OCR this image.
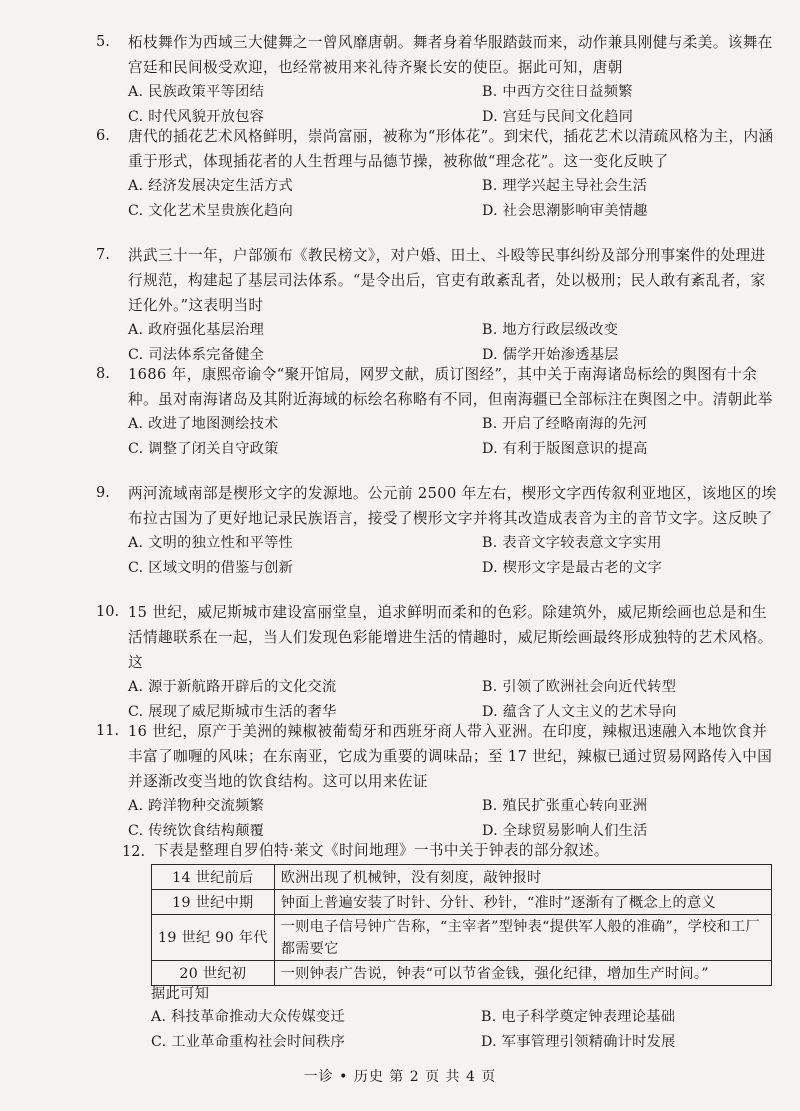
5. 柘枝舞作为西域三大健舞之一曾风靡唐朝。舞者身着华服踏鼓而来，动作兼具刚健与柔美。该舞在宫廷和民间极受欢迎，也经常被用来礼待齐聚长安的使臣。据此可知，唐朝
A. 民族政策平等团结	B. 中西方交往日益频繁
C. 时代风貌开放包容	D. 宫廷与民间文化趋同
6. 唐代的插花艺术风格鲜明，崇尚富丽，被称为“形体花”。到宋代，插花艺术以清疏风格为主，内涵重于形式，体现插花者的人生哲理与品德节操，被称做“理念花”。这一变化反映了
A. 经济发展决定生活方式	B. 理学兴起主导社会生活
C. 文化艺术呈贵族化趋向	D. 社会思潮影响审美情趣
7. 洪武三十一年，户部颁布《教民榜文》，对户婚、田土、斗殴等民事纠纷及部分刑事案件的处理进行规范，构建起了基层司法体系。“是令出后，官吏有敢紊乱者，处以极刑；民人敢有紊乱者，家迁化外。”这表明当时
A. 政府强化基层治理	B. 地方行政层级改变
C. 司法体系完备健全	D. 儒学开始渗透基层
8. 1686 年，康熙帝谕令“聚开馆局，网罗文献，质订图经”，其中关于南海诸岛标绘的舆图有十余种。虽对南海诸岛及其附近海域的标绘名称略有不同，但南海疆已全部标注在舆图之中。清朝此举
A. 改进了地图测绘技术	B. 开启了经略南海的先河
C. 调整了闭关自守政策	D. 有利于版图意识的提高
9. 两河流域南部是楔形文字的发源地。公元前 2500 年左右，楔形文字西传叙利亚地区，该地区的埃布拉古国为了更好地记录民族语言，接受了楔形文字并将其改造成表音为主的音节文字。这反映了
A. 文明的独立性和平等性	B. 表音文字较表意文字实用
C. 区域文明的借鉴与创新	D. 楔形文字是最古老的文字
10. 15 世纪，威尼斯城市建设富丽堂皇，追求鲜明而柔和的色彩。除建筑外，威尼斯绘画也总是和生活情趣联系在一起，当人们发现色彩能增进生活的情趣时，威尼斯绘画最终形成独特的艺术风格。这
A. 源于新航路开辟后的文化交流	B. 引领了欧洲社会向近代转型
C. 展现了威尼斯城市生活的奢华	D. 蕴含了人文主义的艺术导向
11. 16 世纪，原产于美洲的辣椒被葡萄牙和西班牙商人带入亚洲。在印度，辣椒迅速融入本地饮食并丰富了咖喱的风味；在东南亚，它成为重要的调味品；至 17 世纪，辣椒已通过贸易网路传入中国并逐渐改变当地的饮食结构。这可以用来佐证
A. 跨洋物种交流频繁	B. 殖民扩张重心转向亚洲
C. 传统饮食结构颠覆	D. 全球贸易影响人们生活
12. 下表是整理自罗伯特·莱文《时间地理》一书中关于钟表的部分叙述。
14 世纪前后	欧洲出现了机械钟，没有刻度，敲钟报时
19 世纪中期	钟面上普遍安装了时针、分针、秒针，“准时”逐渐有了概念上的意义
19 世纪 90 年代	一则电子信号钟广告称，“主宰者”型钟表“提供军人般的准确”，学校和工厂都需要它
20 世纪初	一则钟表广告说，钟表“可以节省金钱，强化纪律，增加生产时间。”
据此可知
A. 科技革命推动大众传媒变迁	B. 电子科学奠定钟表理论基础
C. 工业革命重构社会时间秩序	D. 军事管理引领精确计时发展
一诊 • 历史 第 2 页 共 4 页
